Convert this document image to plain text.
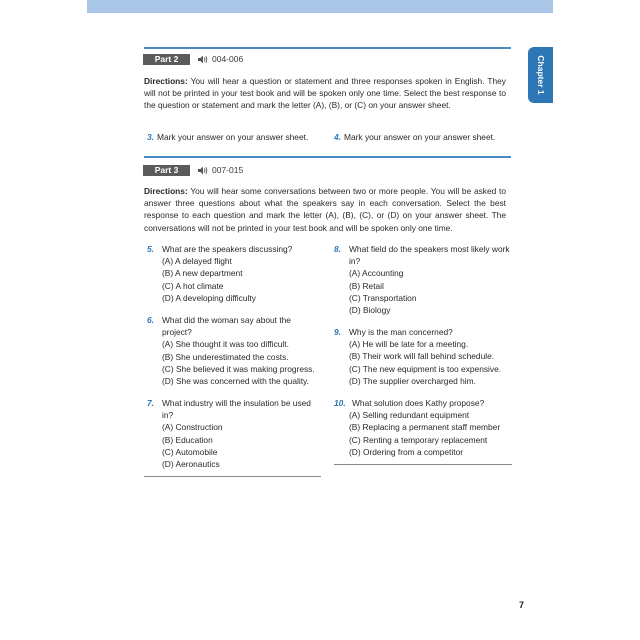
Chapter 1
Part 2	004-006
Directions: You will hear a question or statement and three responses spoken in English. They will not be printed in your test book and will be spoken only one time. Select the best response to the question or statement and mark the letter (A), (B), or (C) on your answer sheet.
3. Mark your answer on your answer sheet.	4. Mark your answer on your answer sheet.
Part 3	007-015
Directions: You will hear some conversations between two or more people. You will be asked to answer three questions about what the speakers say in each conversation. Select the best response to each question and mark the letter (A), (B), (C), or (D) on your answer sheet. The conversations will not be printed in your test book and will be spoken only one time.
5. What are the speakers discussing?
(A) A delayed flight
(B) A new department
(C) A hot climate
(D) A developing difficulty
6. What did the woman say about the project?
(A) She thought it was too difficult.
(B) She underestimated the costs.
(C) She believed it was making progress.
(D) She was concerned with the quality.
7. What industry will the insulation be used in?
(A) Construction
(B) Education
(C) Automobile
(D) Aeronautics
8. What field do the speakers most likely work in?
(A) Accounting
(B) Retail
(C) Transportation
(D) Biology
9. Why is the man concerned?
(A) He will be late for a meeting.
(B) Their work will fall behind schedule.
(C) The new equipment is too expensive.
(D) The supplier overcharged him.
10. What solution does Kathy propose?
(A) Selling redundant equipment
(B) Replacing a permanent staff member
(C) Renting a temporary replacement
(D) Ordering from a competitor
7
